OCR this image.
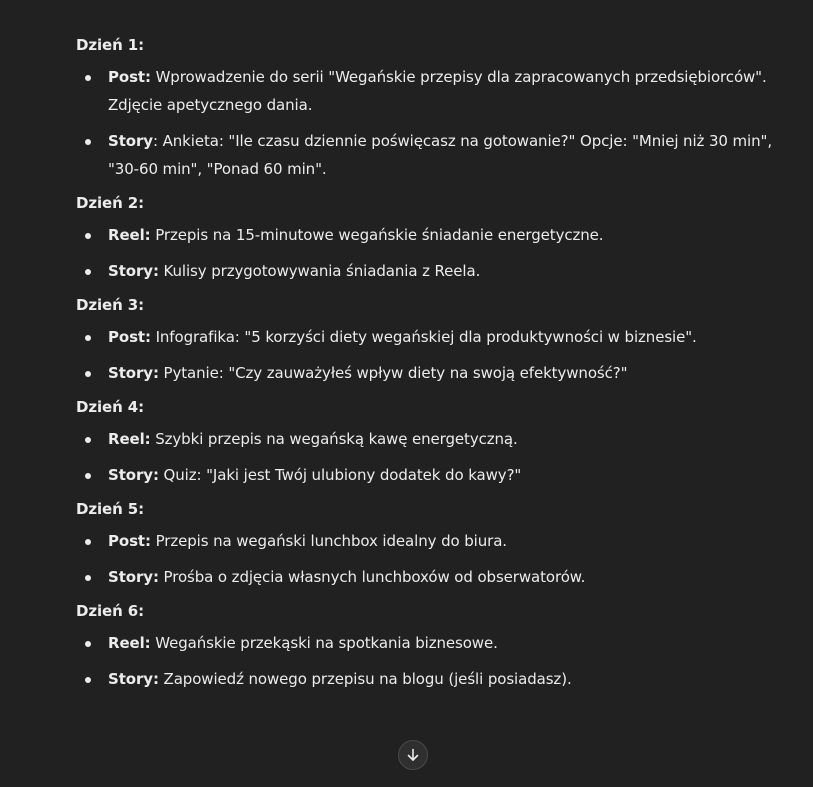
Dzień 1:
Post: Wprowadzenie do serii "Wegańskie przepisy dla zapracowanych przedsiębiorców". Zdjęcie apetycznego dania.
Story: Ankieta: "Ile czasu dziennie poświęcasz na gotowanie?" Opcje: "Mniej niż 30 min", "30-60 min", "Ponad 60 min".
Dzień 2:
Reel: Przepis na 15-minutowe wegańskie śniadanie energetyczne.
Story: Kulisy przygotowywania śniadania z Reela.
Dzień 3:
Post: Infografika: "5 korzyści diety wegańskiej dla produktywności w biznesie".
Story: Pytanie: "Czy zauważyłeś wpływ diety na swoją efektywność?"
Dzień 4:
Reel: Szybki przepis na wegańską kawę energetyczną.
Story: Quiz: "Jaki jest Twój ulubiony dodatek do kawy?"
Dzień 5:
Post: Przepis na wegański lunchbox idealny do biura.
Story: Prośba o zdjęcia własnych lunchboxów od obserwatorów.
Dzień 6:
Reel: Wegańskie przekąski na spotkania biznesowe.
Story: Zapowiedź nowego przepisu na blogu (jeśli posiadasz).
